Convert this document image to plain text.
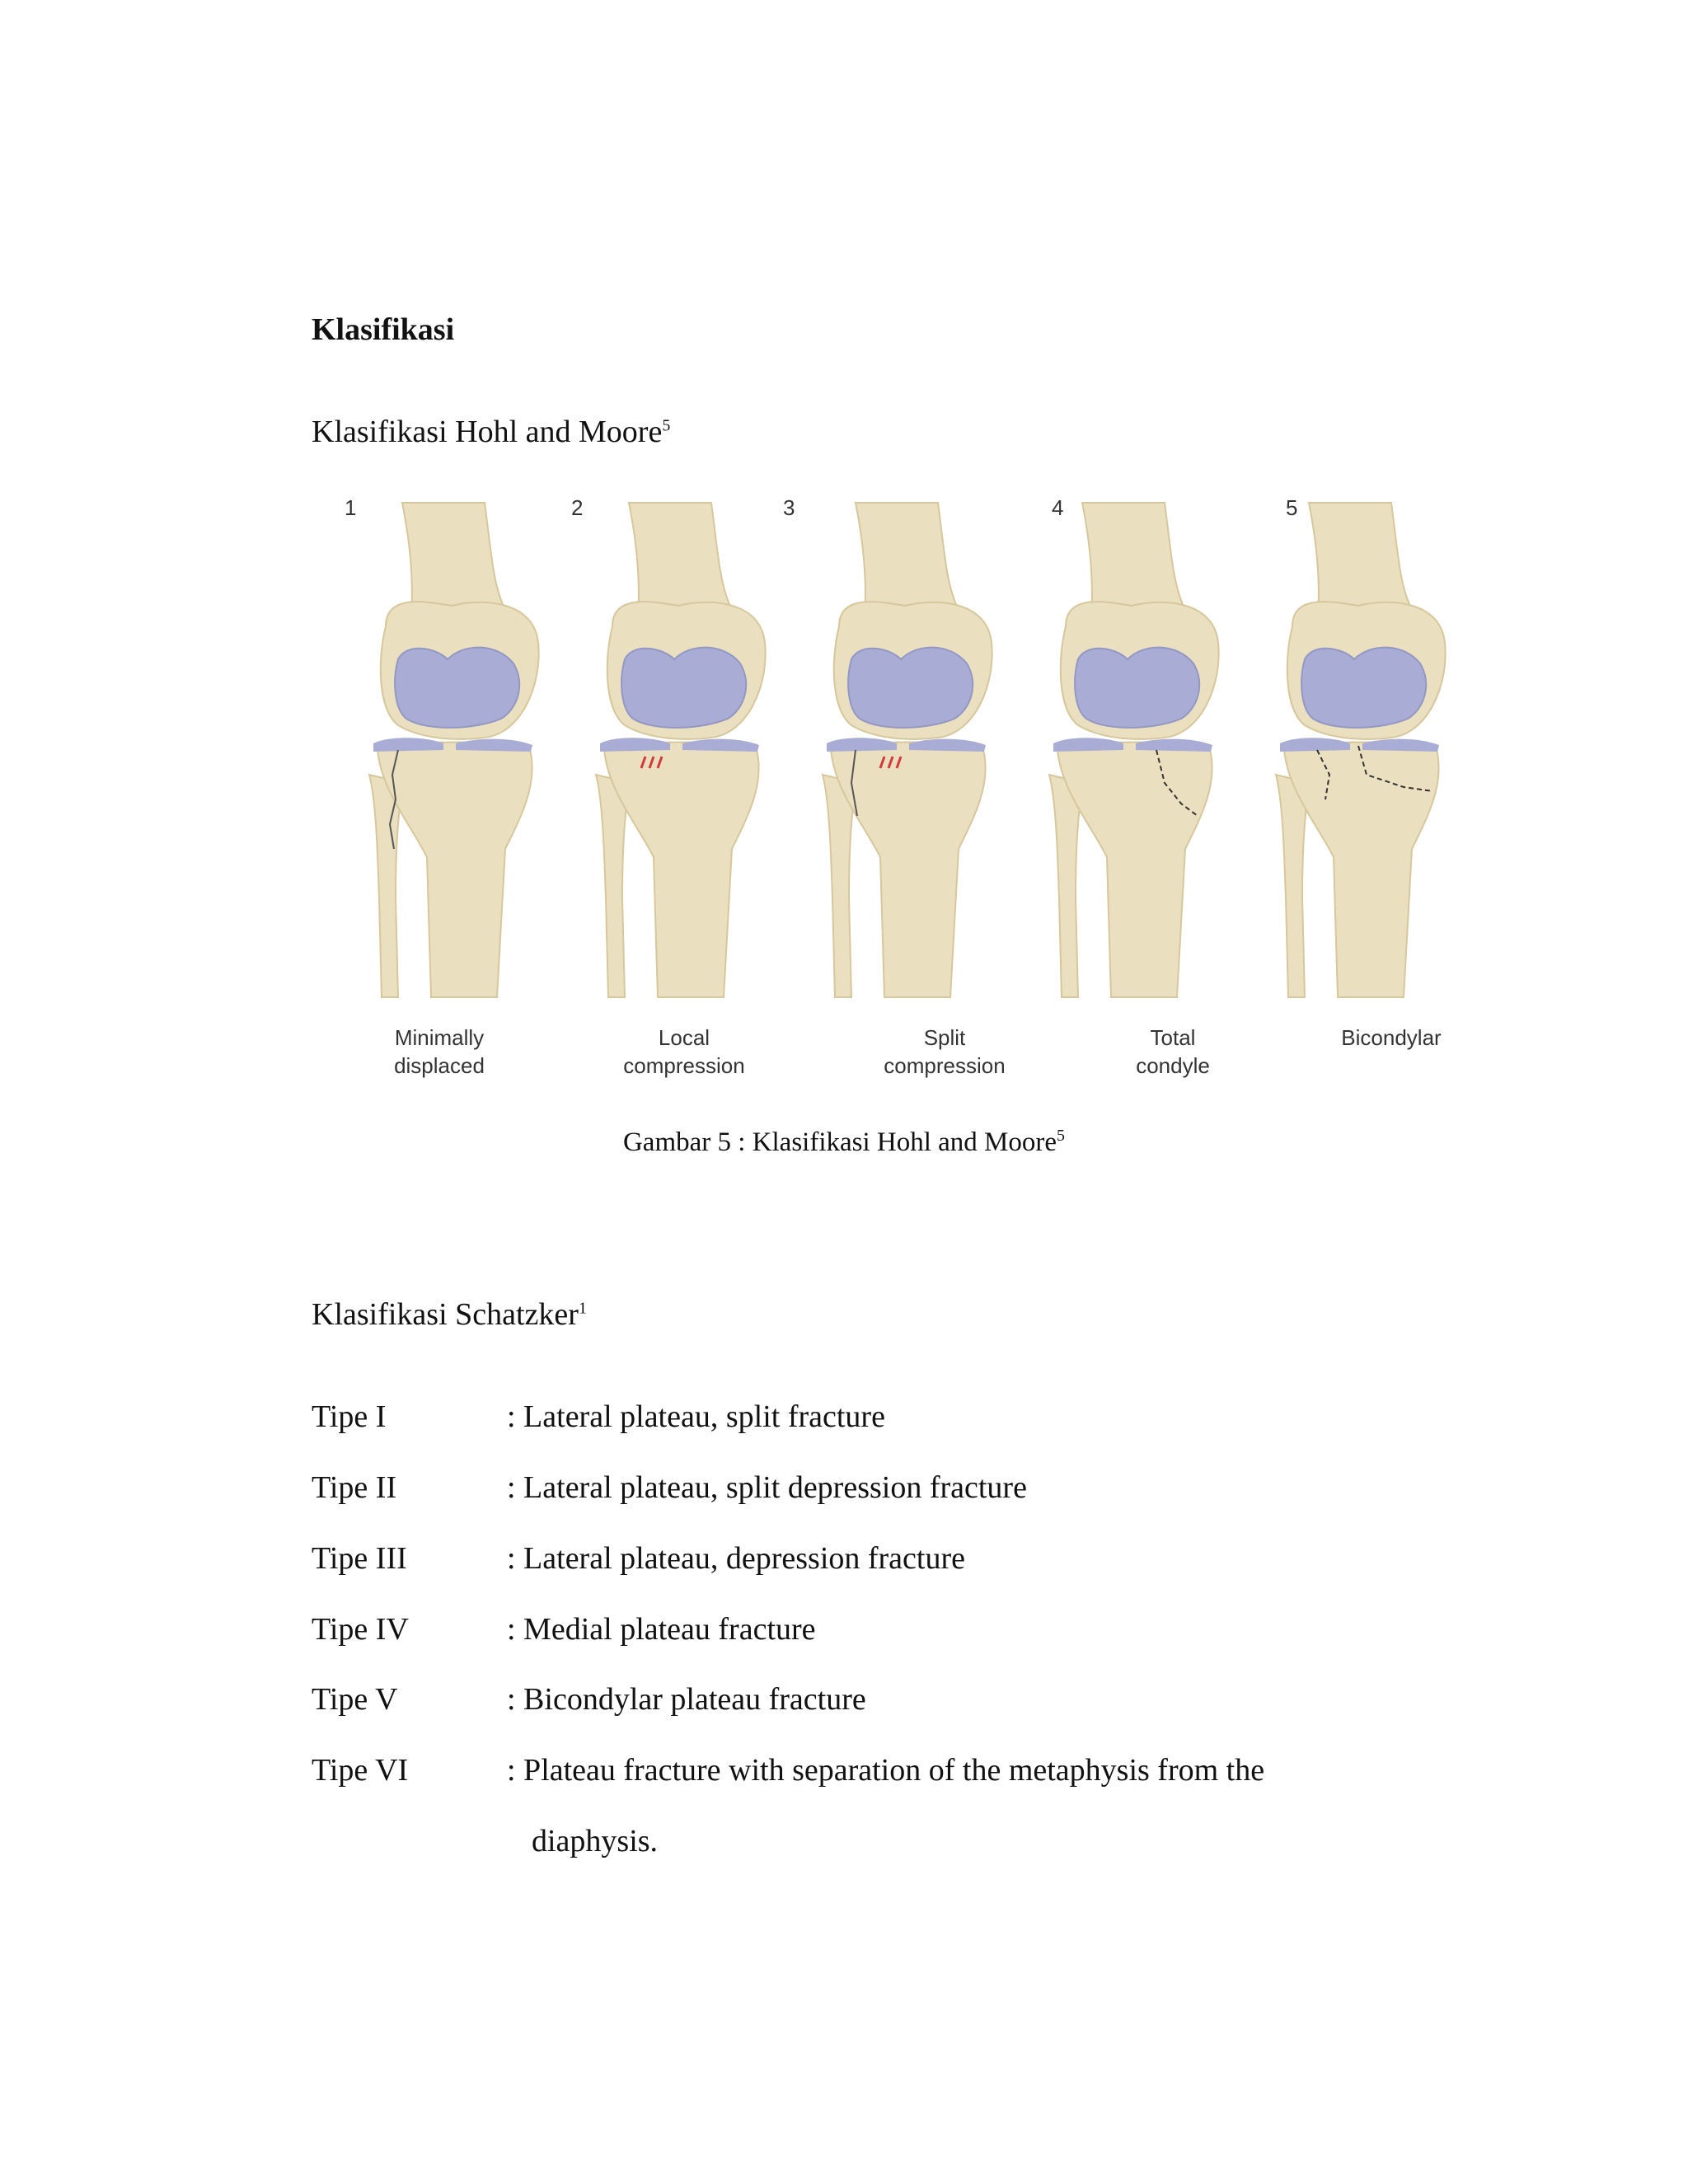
Klasifikasi
Klasifikasi Hohl and Moore$^5$
1	2	3	4	5
Minimally
displaced
Local
compression
Split
compression
Total
condyle
Bicondylar
Gambar 5 : Klasifikasi Hohl and Moore$^5$
Klasifikasi Schatzker$^1$
Tipe I	: Lateral plateau, split fracture
Tipe II	: Lateral plateau, split depression fracture
Tipe III	: Lateral plateau, depression fracture
Tipe IV	: Medial plateau fracture
Tipe V	: Bicondylar plateau fracture
Tipe VI	: Plateau fracture with separation of the metaphysis from the
diaphysis.
